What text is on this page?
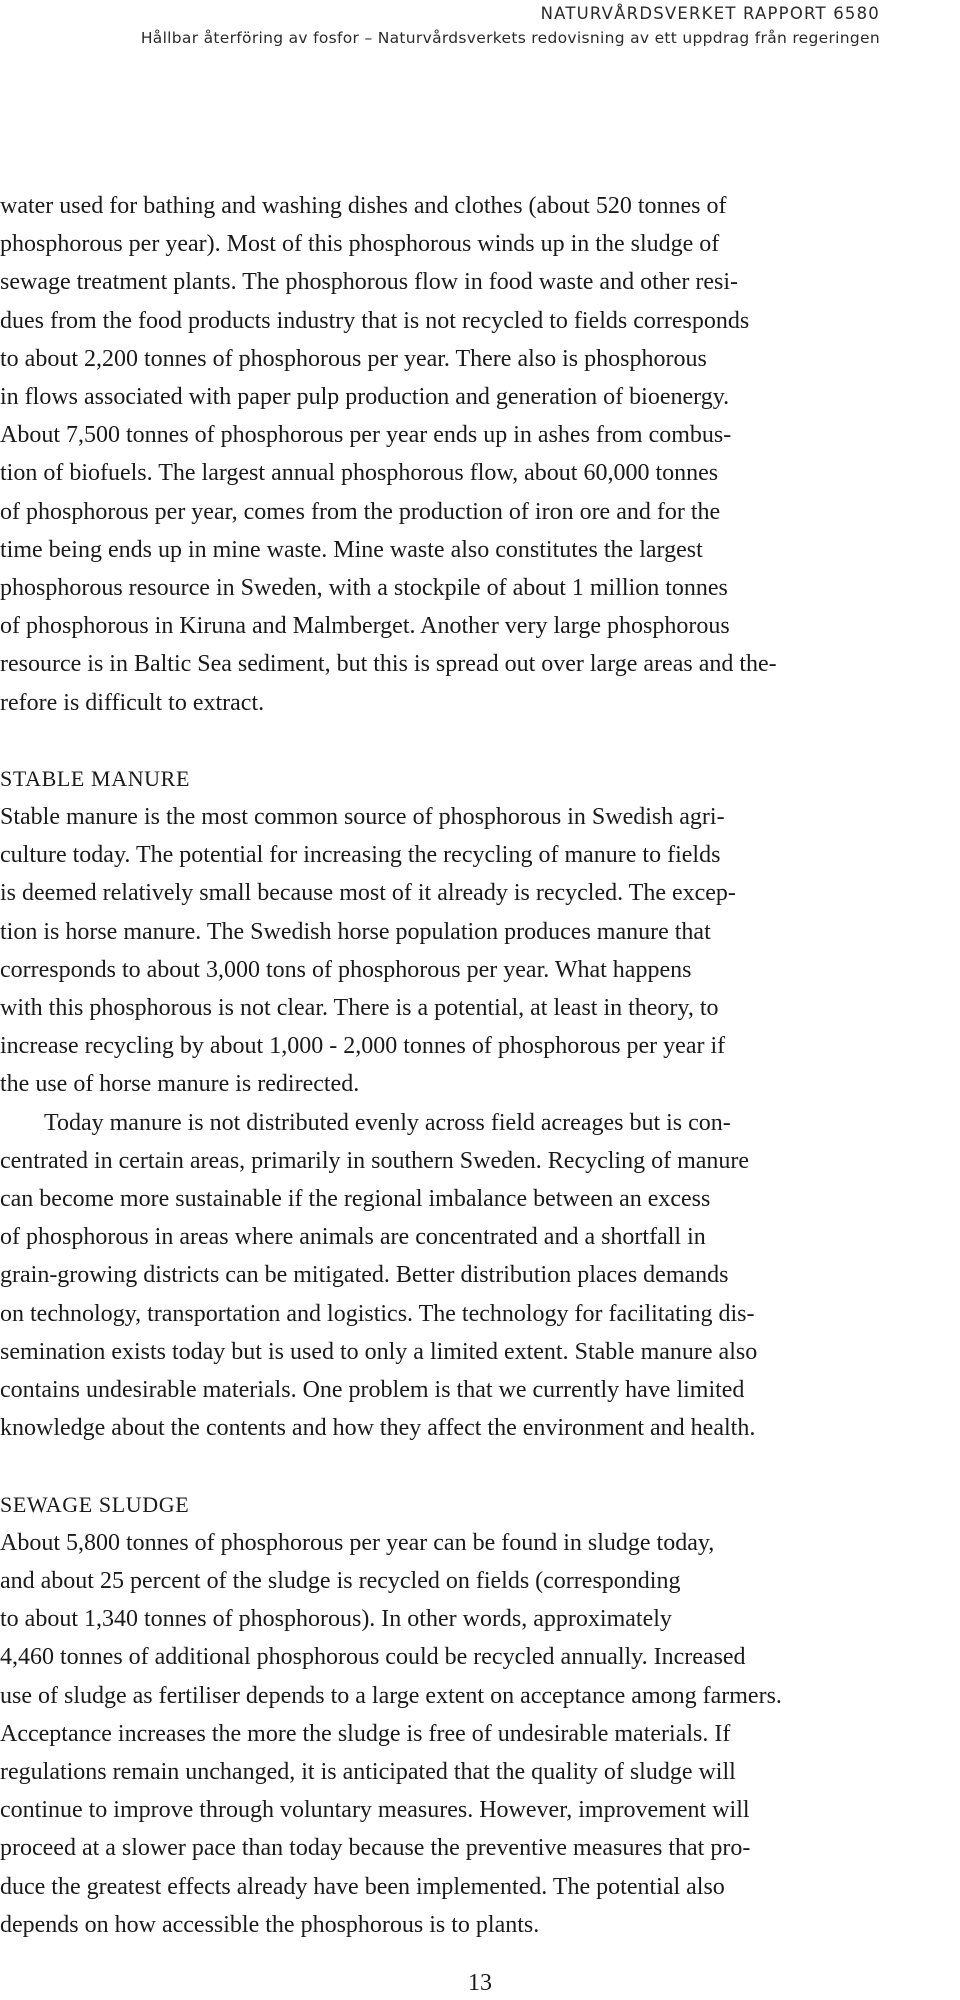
NATURVÅRDSVERKET RAPPORT 6580
Hållbar återföring av fosfor – Naturvårdsverkets redovisning av ett uppdrag från regeringen
water used for bathing and washing dishes and clothes (about 520 tonnes of
phosphorous per year). Most of this phosphorous winds up in the sludge of
sewage treatment plants. The phosphorous flow in food waste and other resi-
dues from the food products industry that is not recycled to fields corresponds
to about 2,200 tonnes of phosphorous per year. There also is phosphorous
in flows associated with paper pulp production and generation of bioenergy.
About 7,500 tonnes of phosphorous per year ends up in ashes from combus-
tion of biofuels. The largest annual phosphorous flow, about 60,000 tonnes
of phosphorous per year, comes from the production of iron ore and for the
time being ends up in mine waste. Mine waste also constitutes the largest
phosphorous resource in Sweden, with a stockpile of about 1 million tonnes
of phosphorous in Kiruna and Malmberget. Another very large phosphorous
resource is in Baltic Sea sediment, but this is spread out over large areas and the-
refore is difficult to extract.
STABLE MANURE
Stable manure is the most common source of phosphorous in Swedish agri-
culture today. The potential for increasing the recycling of manure to fields
is deemed relatively small because most of it already is recycled. The excep-
tion is horse manure. The Swedish horse population produces manure that
corresponds to about 3,000 tons of phosphorous per year. What happens
with this phosphorous is not clear. There is a potential, at least in theory, to
increase recycling by about 1,000 - 2,000 tonnes of phosphorous per year if
the use of horse manure is redirected.
Today manure is not distributed evenly across field acreages but is con-
centrated in certain areas, primarily in southern Sweden. Recycling of manure
can become more sustainable if the regional imbalance between an excess
of phosphorous in areas where animals are concentrated and a shortfall in
grain-growing districts can be mitigated. Better distribution places demands
on technology, transportation and logistics. The technology for facilitating dis-
semination exists today but is used to only a limited extent. Stable manure also
contains undesirable materials. One problem is that we currently have limited
knowledge about the contents and how they affect the environment and health.
SEWAGE SLUDGE
About 5,800 tonnes of phosphorous per year can be found in sludge today,
and about 25 percent of the sludge is recycled on fields (corresponding
to about 1,340 tonnes of phosphorous). In other words, approximately
4,460 tonnes of additional phosphorous could be recycled annually. Increased
use of sludge as fertiliser depends to a large extent on acceptance among farmers.
Acceptance increases the more the sludge is free of undesirable materials. If
regulations remain unchanged, it is anticipated that the quality of sludge will
continue to improve through voluntary measures. However, improvement will
proceed at a slower pace than today because the preventive measures that pro-
duce the greatest effects already have been implemented. The potential also
depends on how accessible the phosphorous is to plants.
13
